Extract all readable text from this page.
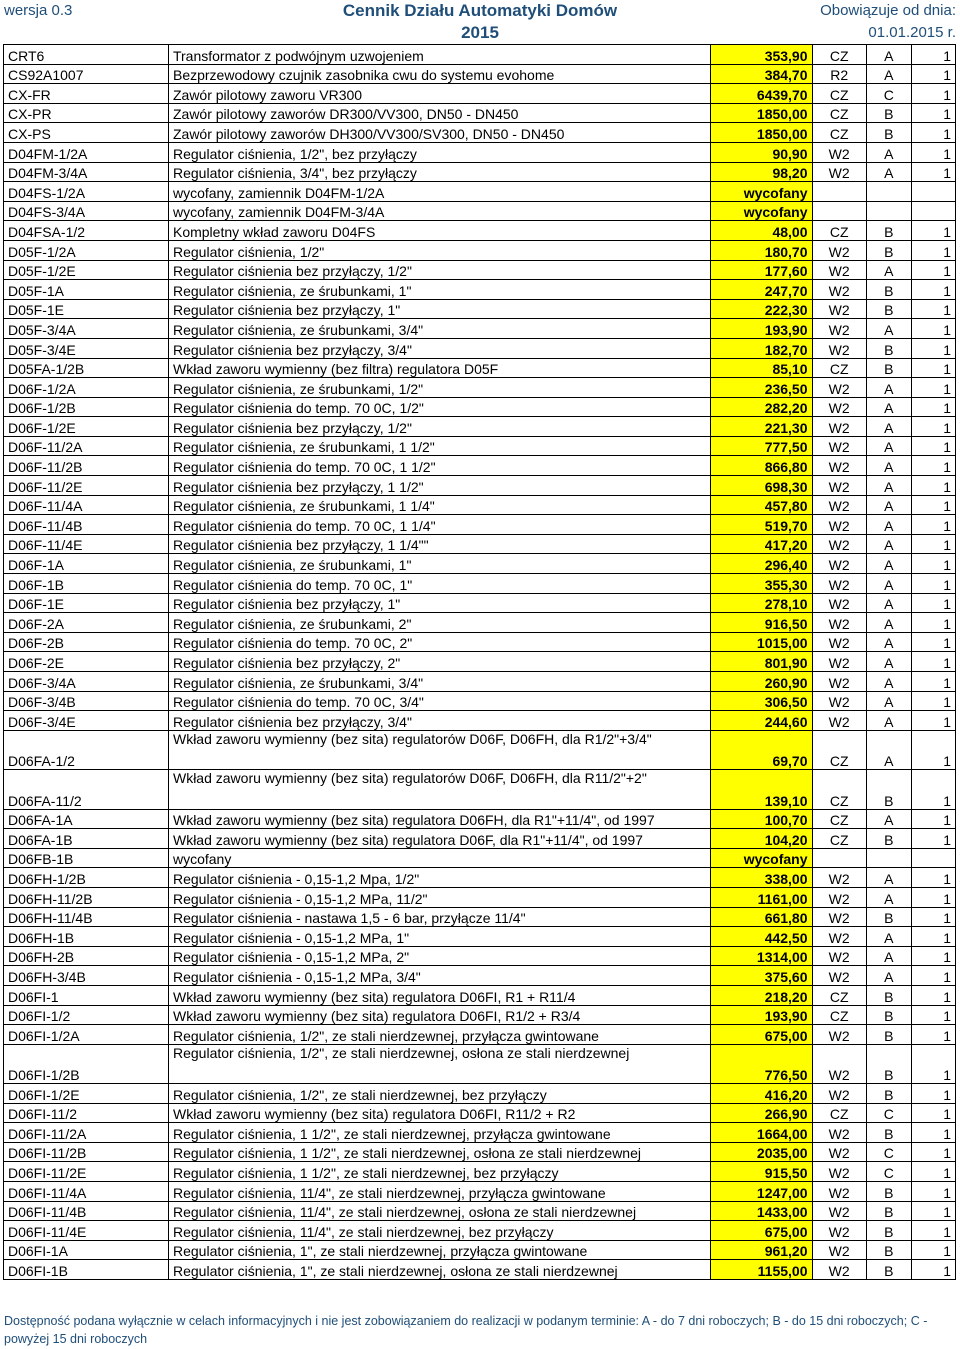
wersja 0.3	Cennik Działu Automatyki Domów
2015
Obowiązuje od dnia:
01.01.2015 r.
CRT6	Transformator z podwójnym uzwojeniem	353,90	CZ	A	1
CS92A1007	Bezprzewodowy czujnik zasobnika cwu do systemu evohome	384,70	R2	A	1
CX-FR	Zawór pilotowy zaworu VR300	6439,70	CZ	C	1
CX-PR	Zawór pilotowy zaworów DR300/VV300, DN50 - DN450	1850,00	CZ	B	1
CX-PS	Zawór pilotowy zaworów DH300/VV300/SV300, DN50 - DN450	1850,00	CZ	B	1
D04FM-1/2A	Regulator ciśnienia, 1/2", bez przyłączy	90,90	W2	A	1
D04FM-3/4A	Regulator ciśnienia, 3/4", bez przyłączy	98,20	W2	A	1
D04FS-1/2A	wycofany, zamiennik D04FM-1/2A	wycofany			
D04FS-3/4A	wycofany, zamiennik D04FM-3/4A	wycofany			
D04FSA-1/2	Kompletny wkład zaworu D04FS	48,00	CZ	B	1
D05F-1/2A	Regulator ciśnienia, 1/2"	180,70	W2	B	1
D05F-1/2E	Regulator ciśnienia bez przyłączy, 1/2"	177,60	W2	A	1
D05F-1A	Regulator ciśnienia, ze śrubunkami, 1"	247,70	W2	B	1
D05F-1E	Regulator ciśnienia bez przyłączy, 1"	222,30	W2	B	1
D05F-3/4A	Regulator ciśnienia, ze śrubunkami, 3/4"	193,90	W2	A	1
D05F-3/4E	Regulator ciśnienia bez przyłączy, 3/4"	182,70	W2	B	1
D05FA-1/2B	Wkład zaworu wymienny (bez filtra) regulatora D05F	85,10	CZ	B	1
D06F-1/2A	Regulator ciśnienia, ze śrubunkami, 1/2"	236,50	W2	A	1
D06F-1/2B	Regulator ciśnienia do temp. 70 0C, 1/2"	282,20	W2	A	1
D06F-1/2E	Regulator ciśnienia bez przyłączy, 1/2"	221,30	W2	A	1
D06F-11/2A	Regulator ciśnienia, ze śrubunkami, 1 1/2"	777,50	W2	A	1
D06F-11/2B	Regulator ciśnienia do temp. 70 0C, 1 1/2"	866,80	W2	A	1
D06F-11/2E	Regulator ciśnienia bez przyłączy, 1 1/2"	698,30	W2	A	1
D06F-11/4A	Regulator ciśnienia, ze śrubunkami, 1 1/4"	457,80	W2	A	1
D06F-11/4B	Regulator ciśnienia do temp. 70 0C, 1 1/4"	519,70	W2	A	1
D06F-11/4E	Regulator ciśnienia bez przyłączy, 1 1/4""	417,20	W2	A	1
D06F-1A	Regulator ciśnienia, ze śrubunkami, 1"	296,40	W2	A	1
D06F-1B	Regulator ciśnienia do temp. 70 0C, 1"	355,30	W2	A	1
D06F-1E	Regulator ciśnienia bez przyłączy, 1"	278,10	W2	A	1
D06F-2A	Regulator ciśnienia, ze śrubunkami, 2"	916,50	W2	A	1
D06F-2B	Regulator ciśnienia do temp. 70 0C, 2"	1015,00	W2	A	1
D06F-2E	Regulator ciśnienia bez przyłączy, 2"	801,90	W2	A	1
D06F-3/4A	Regulator ciśnienia, ze śrubunkami, 3/4"	260,90	W2	A	1
D06F-3/4B	Regulator ciśnienia do temp. 70 0C, 3/4"	306,50	W2	A	1
D06F-3/4E	Regulator ciśnienia bez przyłączy, 3/4"	244,60	W2	A	1
D06FA-1/2	Wkład zaworu wymienny (bez sita) regulatorów D06F, D06FH, dla R1/2"+3/4"	69,70	CZ	A	1
D06FA-11/2	Wkład zaworu wymienny (bez sita) regulatorów D06F, D06FH, dla R11/2"+2"	139,10	CZ	B	1
D06FA-1A	Wkład zaworu wymienny (bez sita) regulatora D06FH, dla R1"+11/4", od 1997	100,70	CZ	A	1
D06FA-1B	Wkład zaworu wymienny (bez sita) regulatora D06F, dla R1"+11/4", od 1997	104,20	CZ	B	1
D06FB-1B	wycofany	wycofany			
D06FH-1/2B	Regulator ciśnienia - 0,15-1,2 Mpa, 1/2"	338,00	W2	A	1
D06FH-11/2B	Regulator ciśnienia - 0,15-1,2 MPa, 11/2"	1161,00	W2	A	1
D06FH-11/4B	Regulator ciśnienia - nastawa 1,5 - 6 bar, przyłącze 11/4"	661,80	W2	B	1
D06FH-1B	Regulator ciśnienia - 0,15-1,2 MPa, 1"	442,50	W2	A	1
D06FH-2B	Regulator ciśnienia - 0,15-1,2 MPa, 2"	1314,00	W2	A	1
D06FH-3/4B	Regulator ciśnienia - 0,15-1,2 MPa, 3/4"	375,60	W2	A	1
D06FI-1	Wkład zaworu wymienny (bez sita) regulatora D06FI, R1 + R11/4	218,20	CZ	B	1
D06FI-1/2	Wkład zaworu wymienny (bez sita) regulatora D06FI, R1/2 + R3/4	193,90	CZ	B	1
D06FI-1/2A	Regulator ciśnienia, 1/2", ze stali nierdzewnej, przyłącza gwintowane	675,00	W2	B	1
D06FI-1/2B	Regulator ciśnienia, 1/2", ze stali nierdzewnej, osłona ze stali nierdzewnej	776,50	W2	B	1
D06FI-1/2E	Regulator ciśnienia, 1/2", ze stali nierdzewnej, bez przyłączy	416,20	W2	B	1
D06FI-11/2	Wkład zaworu wymienny (bez sita) regulatora D06FI, R11/2 + R2	266,90	CZ	C	1
D06FI-11/2A	Regulator ciśnienia, 1 1/2", ze stali nierdzewnej, przyłącza gwintowane	1664,00	W2	B	1
D06FI-11/2B	Regulator ciśnienia, 1 1/2", ze stali nierdzewnej, osłona ze stali nierdzewnej	2035,00	W2	C	1
D06FI-11/2E	Regulator ciśnienia, 1 1/2", ze stali nierdzewnej, bez przyłączy	915,50	W2	C	1
D06FI-11/4A	Regulator ciśnienia, 11/4", ze stali nierdzewnej, przyłącza gwintowane	1247,00	W2	B	1
D06FI-11/4B	Regulator ciśnienia, 11/4", ze stali nierdzewnej, osłona ze stali nierdzewnej	1433,00	W2	B	1
D06FI-11/4E	Regulator ciśnienia, 11/4", ze stali nierdzewnej, bez przyłączy	675,00	W2	B	1
D06FI-1A	Regulator ciśnienia, 1", ze stali nierdzewnej, przyłącza gwintowane	961,20	W2	B	1
D06FI-1B	Regulator ciśnienia, 1", ze stali nierdzewnej, osłona ze stali nierdzewnej	1155,00	W2	B	1
Dostępność podana wyłącznie w celach informacyjnych i nie jest zobowiązaniem do realizacji w podanym terminie: A - do 7 dni roboczych; B - do 15 dni roboczych; C - powyżej 15 dni roboczych
